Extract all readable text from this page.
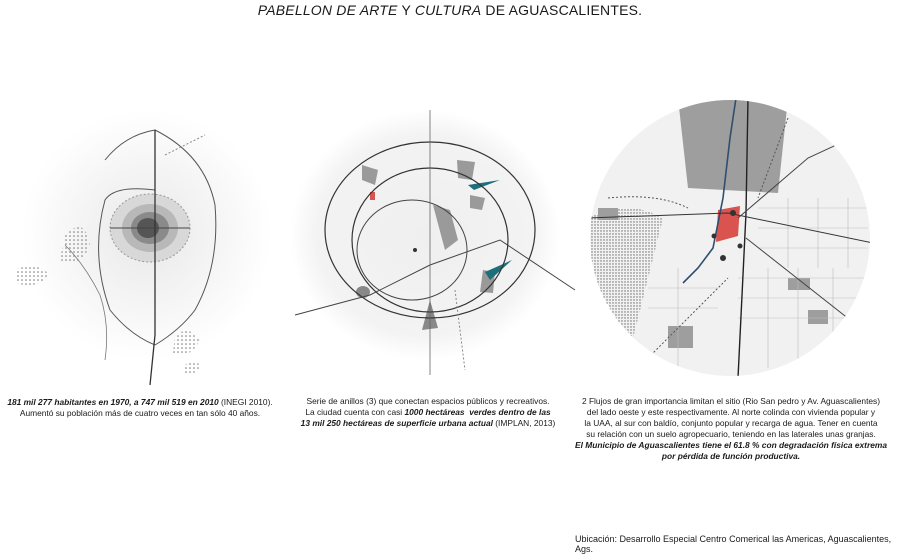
PABELLON DE ARTE Y CULTURA DE AGUASCALIENTES.
181 mil 277 habitantes en 1970, a 747 mil 519 en 2010 (INEGI 2010).
Aumentó su población más de cuatro veces en tan sólo 40 años.
Serie de anillos (3) que conectan espacios públicos y recreativos.
La ciudad cuenta con casi 1000 hectáreas  verdes dentro de las
13 mil 250 hectáreas de superficie urbana actual (IMPLAN, 2013)
2 Flujos de gran importancia limitan el sitio (Rio San pedro y Av. Aguascalientes)
del lado oeste y este respectivamente. Al norte colinda con vivienda popular y
la UAA, al sur con baldío, conjunto popular y recarga de agua. Tener en cuenta
su relación con un suelo agropecuario, teniendo en las laterales unas granjas.
El Municipio de Aguascalientes tiene el 61.8 % con degradación física extrema
por pérdida de función productiva.
Ubicación: Desarrollo Especial Centro Comerical las Americas, Aguascalientes, Ags.
